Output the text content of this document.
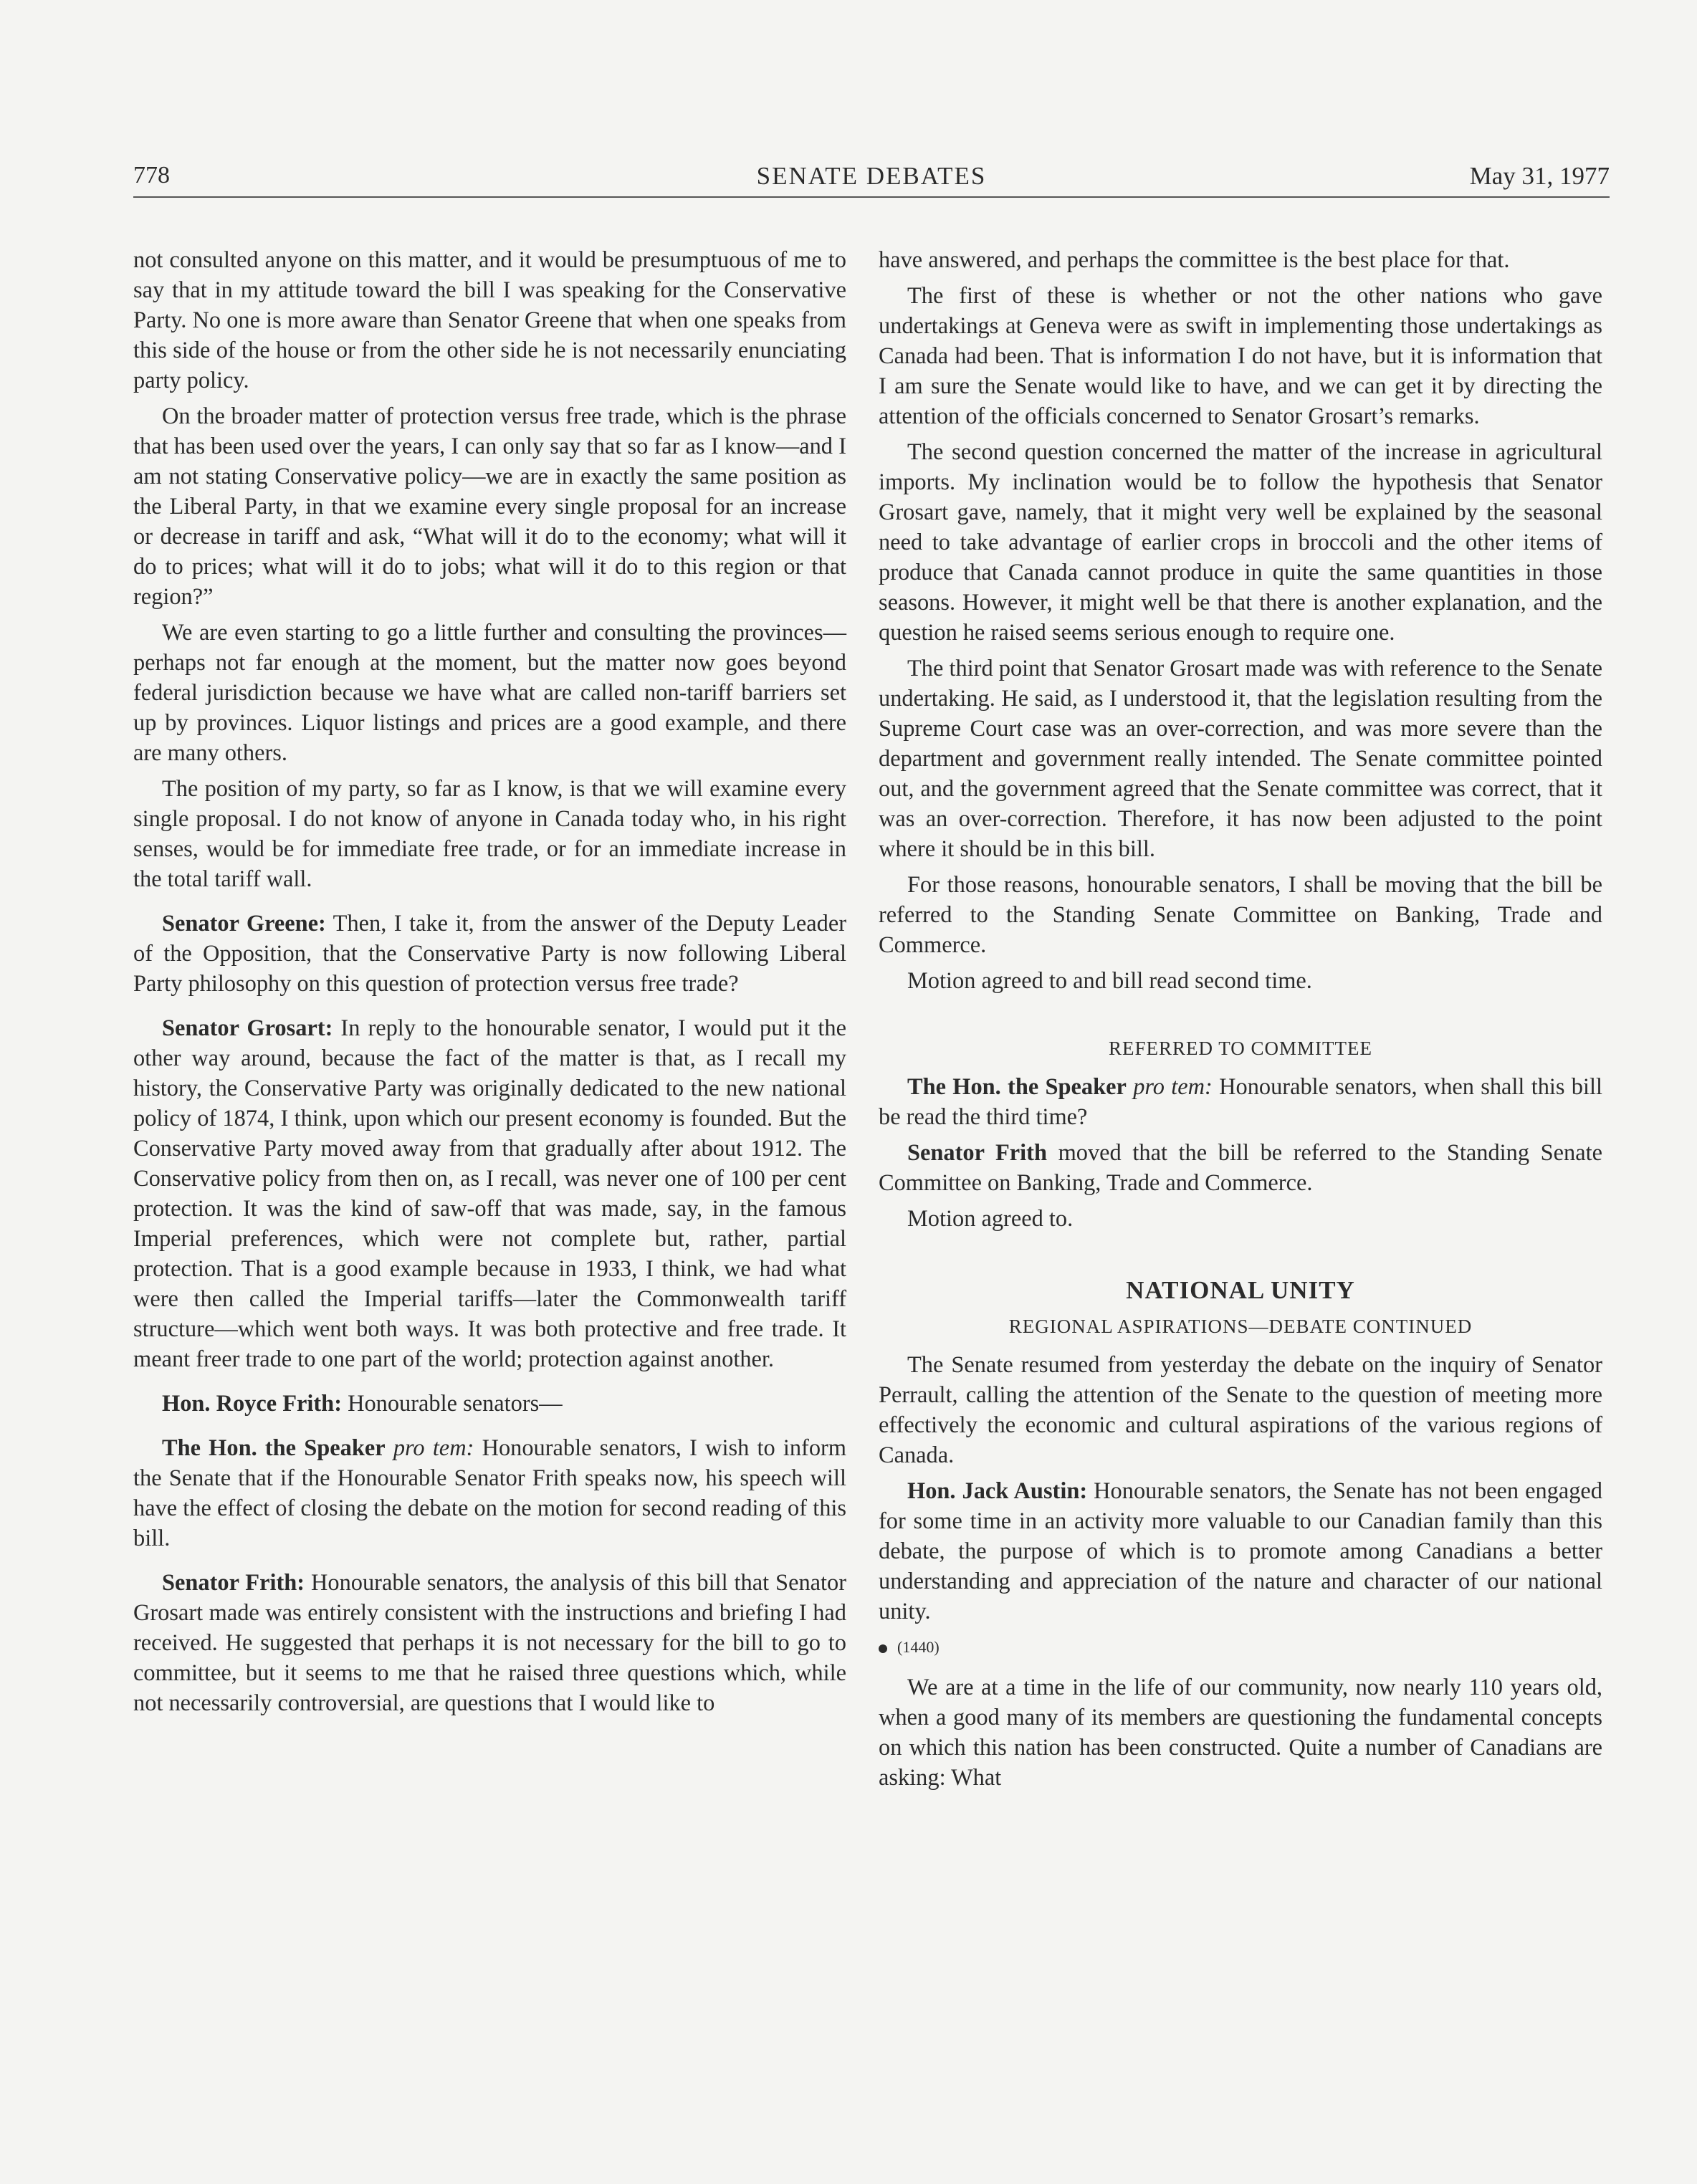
778	SENATE DEBATES	May 31, 1977

not consulted anyone on this matter, and it would be presumptuous of me to say that in my attitude toward the bill I was speaking for the Conservative Party. No one is more aware than Senator Greene that when one speaks from this side of the house or from the other side he is not necessarily enunciating party policy.

On the broader matter of protection versus free trade, which is the phrase that has been used over the years, I can only say that so far as I know—and I am not stating Conservative policy—we are in exactly the same position as the Liberal Party, in that we examine every single proposal for an increase or decrease in tariff and ask, “What will it do to the economy; what will it do to prices; what will it do to jobs; what will it do to this region or that region?”

We are even starting to go a little further and consulting the provinces—perhaps not far enough at the moment, but the matter now goes beyond federal jurisdiction because we have what are called non-tariff barriers set up by provinces. Liquor listings and prices are a good example, and there are many others.

The position of my party, so far as I know, is that we will examine every single proposal. I do not know of anyone in Canada today who, in his right senses, would be for immediate free trade, or for an immediate increase in the total tariff wall.

Senator Greene: Then, I take it, from the answer of the Deputy Leader of the Opposition, that the Conservative Party is now following Liberal Party philosophy on this question of protection versus free trade?

Senator Grosart: In reply to the honourable senator, I would put it the other way around, because the fact of the matter is that, as I recall my history, the Conservative Party was originally dedicated to the new national policy of 1874, I think, upon which our present economy is founded. But the Conservative Party moved away from that gradually after about 1912. The Conservative policy from then on, as I recall, was never one of 100 per cent protection. It was the kind of saw-off that was made, say, in the famous Imperial preferences, which were not complete but, rather, partial protection. That is a good example because in 1933, I think, we had what were then called the Imperial tariffs—later the Commonwealth tariff structure—which went both ways. It was both protective and free trade. It meant freer trade to one part of the world; protection against another.

Hon. Royce Frith: Honourable senators—

The Hon. the Speaker pro tem: Honourable senators, I wish to inform the Senate that if the Honourable Senator Frith speaks now, his speech will have the effect of closing the debate on the motion for second reading of this bill.

Senator Frith: Honourable senators, the analysis of this bill that Senator Grosart made was entirely consistent with the instructions and briefing I had received. He suggested that perhaps it is not necessary for the bill to go to committee, but it seems to me that he raised three questions which, while not necessarily controversial, are questions that I would like to

have answered, and perhaps the committee is the best place for that.

The first of these is whether or not the other nations who gave undertakings at Geneva were as swift in implementing those undertakings as Canada had been. That is information I do not have, but it is information that I am sure the Senate would like to have, and we can get it by directing the attention of the officials concerned to Senator Grosart’s remarks.

The second question concerned the matter of the increase in agricultural imports. My inclination would be to follow the hypothesis that Senator Grosart gave, namely, that it might very well be explained by the seasonal need to take advantage of earlier crops in broccoli and the other items of produce that Canada cannot produce in quite the same quantities in those seasons. However, it might well be that there is another explanation, and the question he raised seems serious enough to require one.

The third point that Senator Grosart made was with reference to the Senate undertaking. He said, as I understood it, that the legislation resulting from the Supreme Court case was an over-correction, and was more severe than the department and government really intended. The Senate committee pointed out, and the government agreed that the Senate committee was correct, that it was an over-correction. Therefore, it has now been adjusted to the point where it should be in this bill.

For those reasons, honourable senators, I shall be moving that the bill be referred to the Standing Senate Committee on Banking, Trade and Commerce.

Motion agreed to and bill read second time.

REFERRED TO COMMITTEE

The Hon. the Speaker pro tem: Honourable senators, when shall this bill be read the third time?

Senator Frith moved that the bill be referred to the Standing Senate Committee on Banking, Trade and Commerce.

Motion agreed to.

NATIONAL UNITY
REGIONAL ASPIRATIONS—DEBATE CONTINUED

The Senate resumed from yesterday the debate on the inquiry of Senator Perrault, calling the attention of the Senate to the question of meeting more effectively the economic and cultural aspirations of the various regions of Canada.

Hon. Jack Austin: Honourable senators, the Senate has not been engaged for some time in an activity more valuable to our Canadian family than this debate, the purpose of which is to promote among Canadians a better understanding and appreciation of the nature and character of our national unity.

(1440)

We are at a time in the life of our community, now nearly 110 years old, when a good many of its members are questioning the fundamental concepts on which this nation has been constructed. Quite a number of Canadians are asking: What
